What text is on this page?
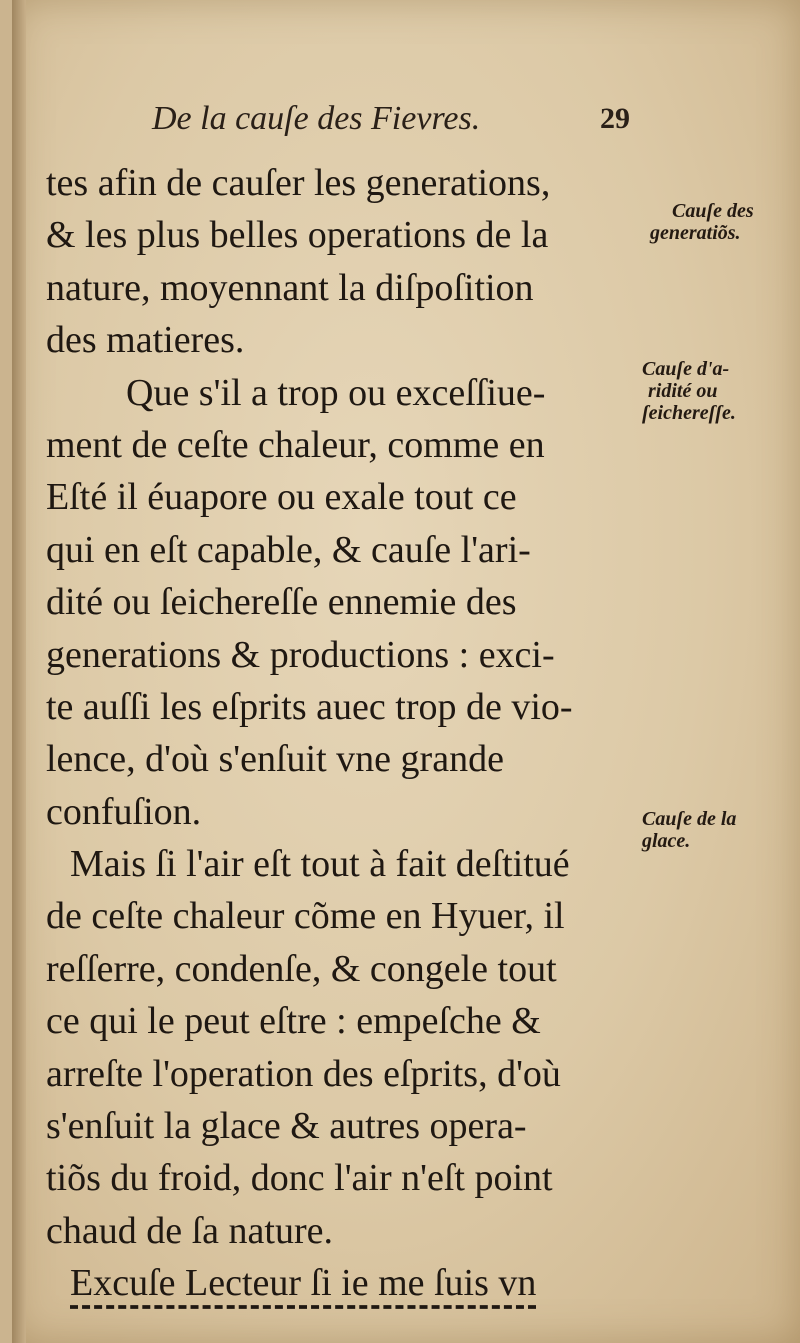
De la cauſe des Fievres.	29
tes afin de cauſer les generations,
& les plus belles operations de la
nature, moyennant la diſpoſition
des matieres.
Que s'il a trop ou exceſſiue-
ment de ceſte chaleur, comme en
Eſté il éuapore ou exale tout ce
qui en eſt capable, & cauſe l'ari-
dité ou ſeichereſſe ennemie des
generations & productions : exci-
te auſſi les eſprits auec trop de vio-
lence, d'où s'enſuit vne grande
confuſion.
Mais ſi l'air eſt tout à fait deſtitué
de ceſte chaleur cõme en Hyuer, il
reſſerre, condenſe, & congele tout
ce qui le peut eſtre : empeſche &
arreſte l'operation des eſprits, d'où
s'enſuit la glace & autres opera-
tiõs du froid, donc l'air n'eſt point
chaud de ſa nature.
Excuſe Lecteur ſi ie me ſuis vn
Cauſe des
generatiõs.
Cauſe d'a-
ridité ou
ſeichereſſe.
Cauſe de la
glace.
